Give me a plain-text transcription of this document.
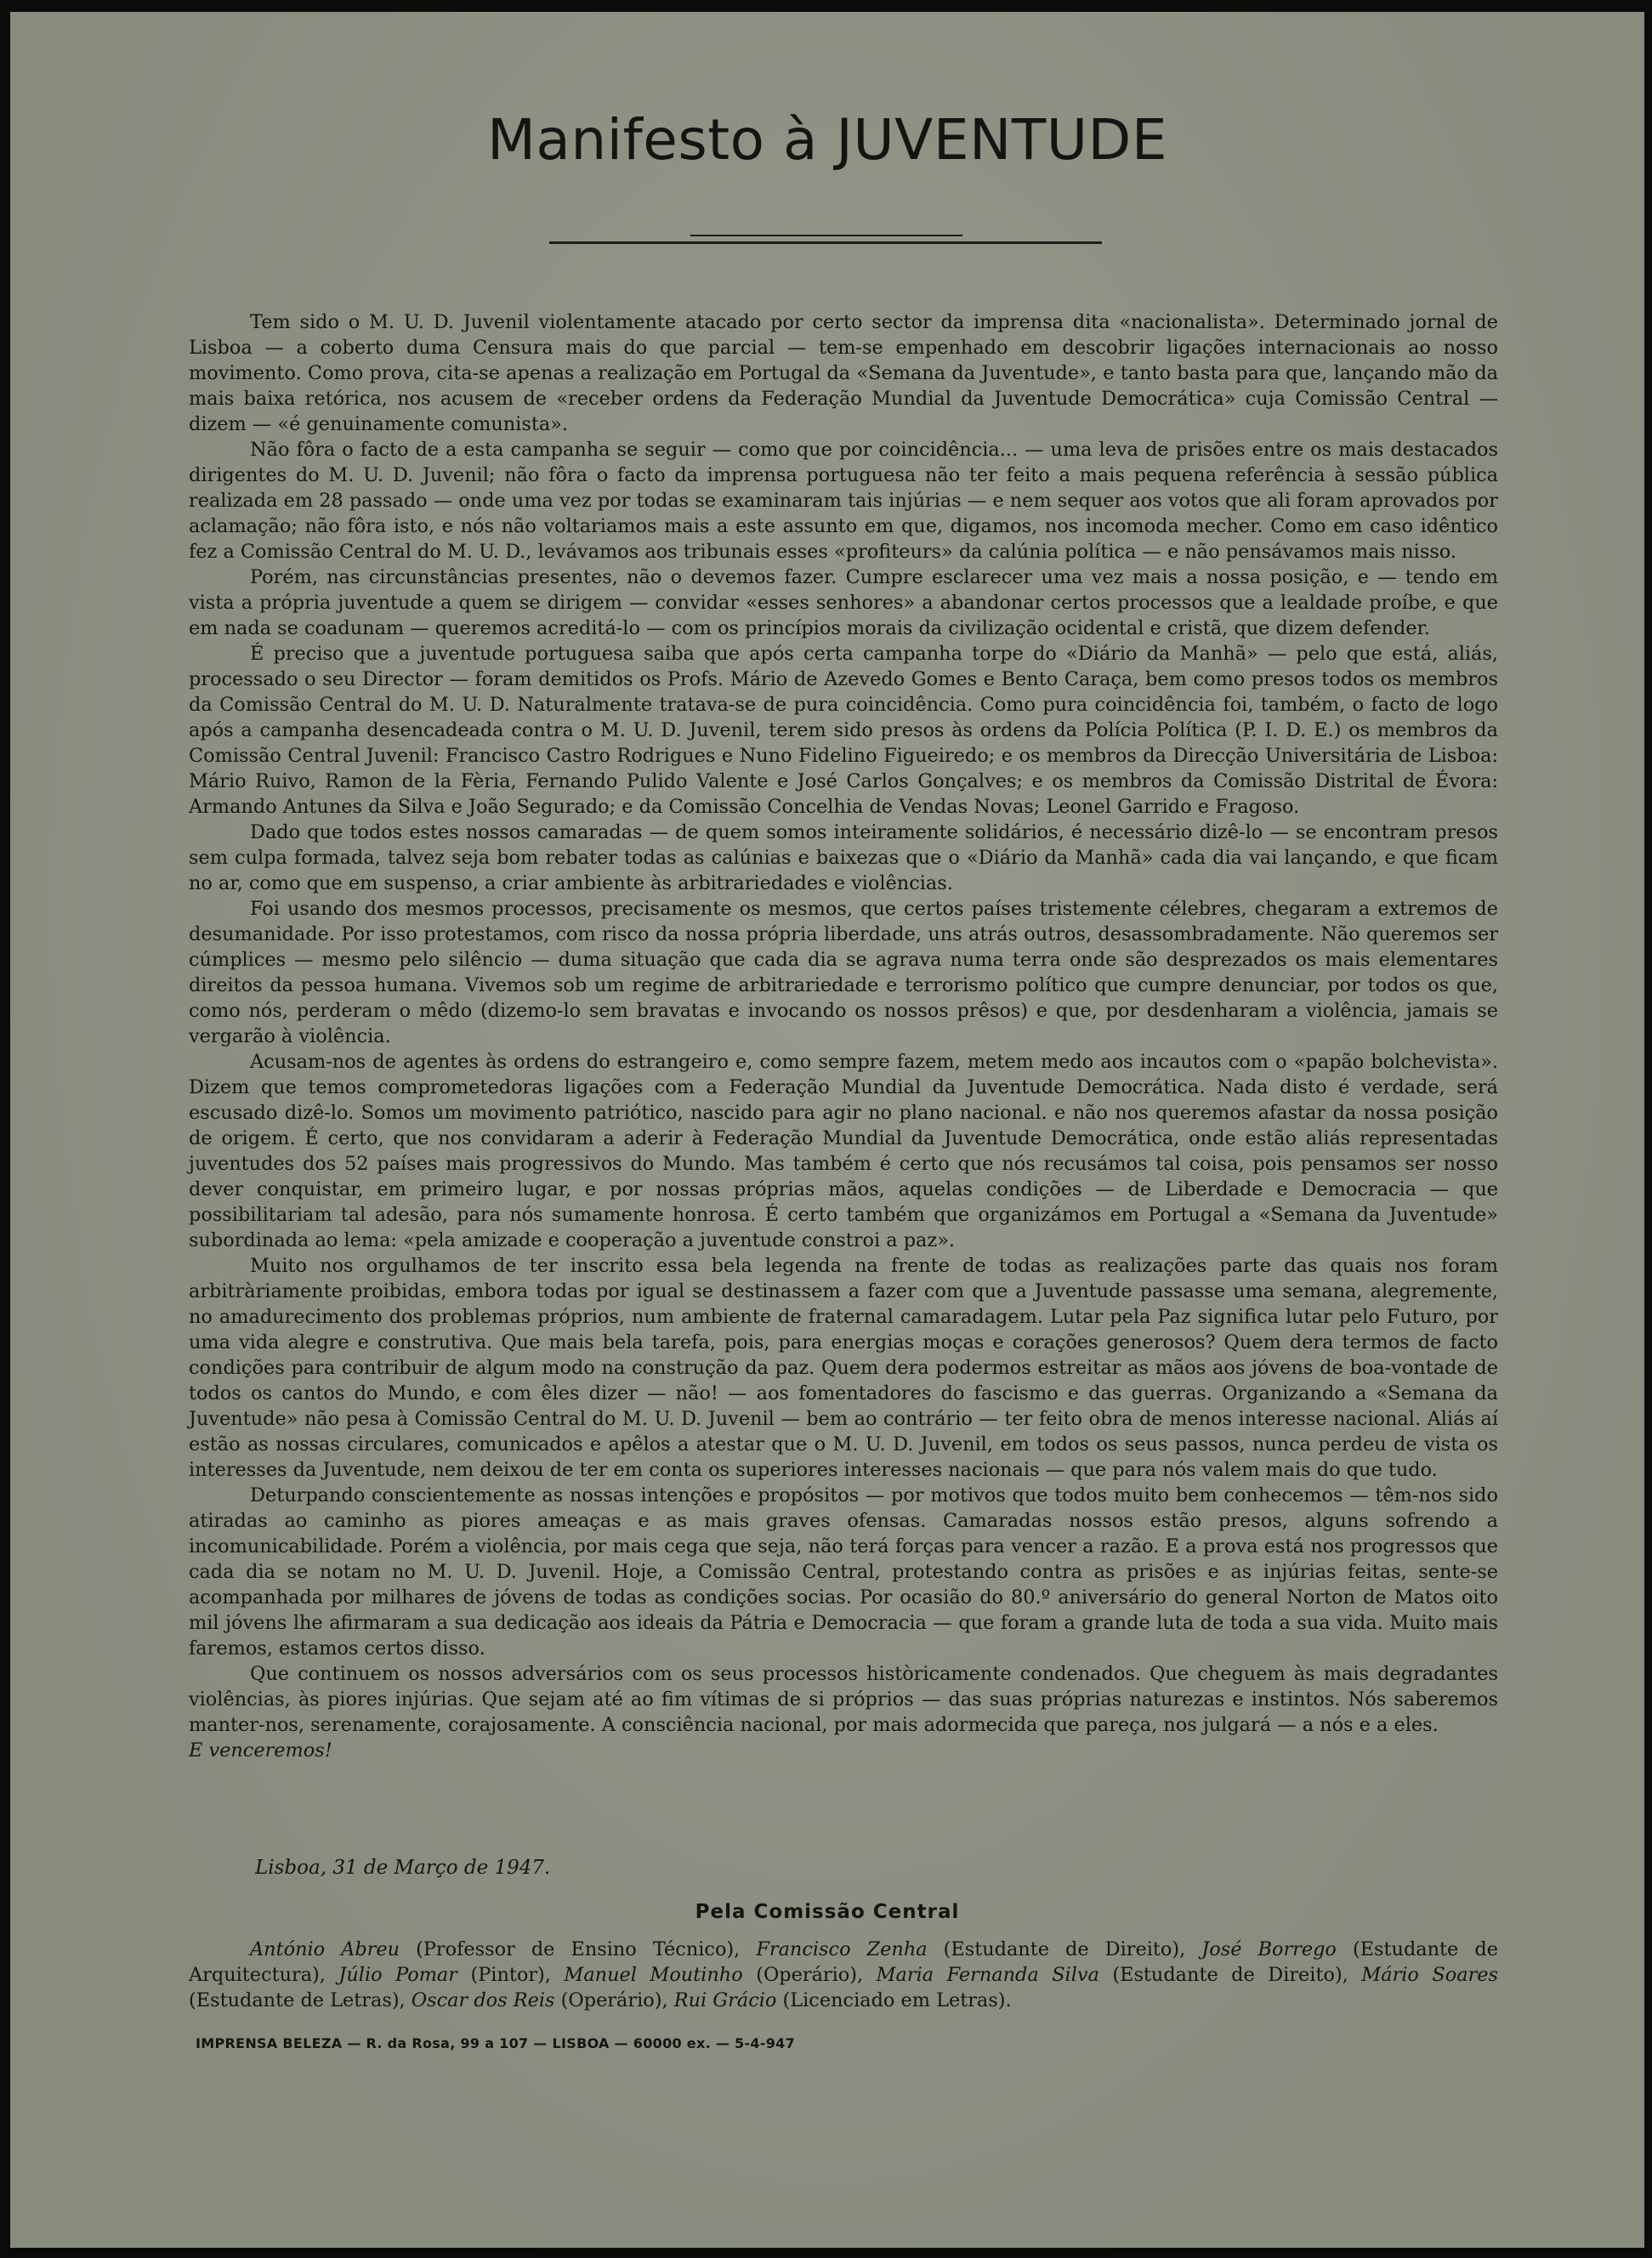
Manifesto à JUVENTUDE

Tem sido o M. U. D. Juvenil violentamente atacado por certo sector da imprensa dita «nacionalista». Determinado jornal de Lisboa — a coberto duma Censura mais do que parcial — tem-se empenhado em descobrir ligações internacionais ao nosso movimento. Como prova, cita-se apenas a realização em Portugal da «Semana da Juventude», e tanto basta para que, lançando mão da mais baixa retórica, nos acusem de «receber ordens da Federação Mundial da Juventude Democrática» cuja Comissão Central — dizem — «é genuinamente comunista».

Não fôra o facto de a esta campanha se seguir — como que por coincidência... — uma leva de prisões entre os mais destacados dirigentes do M. U. D. Juvenil; não fôra o facto da imprensa portuguesa não ter feito a mais pequena referência à sessão pública realizada em 28 passado — onde uma vez por todas se examinaram tais injúrias — e nem sequer aos votos que ali foram aprovados por aclamação; não fôra isto, e nós não voltariamos mais a este assunto em que, digamos, nos incomoda mecher. Como em caso idêntico fez a Comissão Central do M. U. D., levávamos aos tribunais esses «profiteurs» da calúnia política — e não pensávamos mais nisso.

Porém, nas circunstâncias presentes, não o devemos fazer. Cumpre esclarecer uma vez mais a nossa posição, e — tendo em vista a própria juventude a quem se dirigem — convidar «esses senhores» a abandonar certos processos que a lealdade proíbe, e que em nada se coadunam — queremos acreditá-lo — com os princípios morais da civilização ocidental e cristã, que dizem defender.

É preciso que a juventude portuguesa saiba que após certa campanha torpe do «Diário da Manhã» — pelo que está, aliás, processado o seu Director — foram demitidos os Profs. Mário de Azevedo Gomes e Bento Caraça, bem como presos todos os membros da Comissão Central do M. U. D. Naturalmente tratava-se de pura coincidência. Como pura coincidência foi, também, o facto de logo após a campanha desencadeada contra o M. U. D. Juvenil, terem sido presos às ordens da Polícia Política (P. I. D. E.) os membros da Comissão Central Juvenil: Francisco Castro Rodrigues e Nuno Fidelino Figueiredo; e os membros da Direcção Universitária de Lisboa: Mário Ruivo, Ramon de la Fèria, Fernando Pulido Valente e José Carlos Gonçalves; e os membros da Comissão Distrital de Évora: Armando Antunes da Silva e João Segurado; e da Comissão Concelhia de Vendas Novas; Leonel Garrido e Fragoso.

Dado que todos estes nossos camaradas — de quem somos inteiramente solidários, é necessário dizê-lo — se encontram presos sem culpa formada, talvez seja bom rebater todas as calúnias e baixezas que o «Diário da Manhã» cada dia vai lançando, e que ficam no ar, como que em suspenso, a criar ambiente às arbitrariedades e violências.

Foi usando dos mesmos processos, precisamente os mesmos, que certos países tristemente célebres, chegaram a extremos de desumanidade. Por isso protestamos, com risco da nossa própria liberdade, uns atrás outros, desassombradamente. Não queremos ser cúmplices — mesmo pelo silêncio — duma situação que cada dia se agrava numa terra onde são desprezados os mais elementares direitos da pessoa humana. Vivemos sob um regime de arbitrariedade e terrorismo político que cumpre denunciar, por todos os que, como nós, perderam o mêdo (dizemo-lo sem bravatas e invocando os nossos prêsos) e que, por desdenharam a violência, jamais se vergarão à violência.

Acusam-nos de agentes às ordens do estrangeiro e, como sempre fazem, metem medo aos incautos com o «papão bolchevista». Dizem que temos comprometedoras ligações com a Federação Mundial da Juventude Democrática. Nada disto é verdade, será escusado dizê-lo. Somos um movimento patriótico, nascido para agir no plano nacional. e não nos queremos afastar da nossa posição de origem. É certo, que nos convidaram a aderir à Federação Mundial da Juventude Democrática, onde estão aliás representadas juventudes dos 52 países mais progressivos do Mundo. Mas também é certo que nós recusámos tal coisa, pois pensamos ser nosso dever conquistar, em primeiro lugar, e por nossas próprias mãos, aquelas condições — de Liberdade e Democracia — que possibilitariam tal adesão, para nós sumamente honrosa. É certo também que organizámos em Portugal a «Semana da Juventude» subordinada ao lema: «pela amizade e cooperação a juventude constroi a paz».

Muito nos orgulhamos de ter inscrito essa bela legenda na frente de todas as realizações parte das quais nos foram arbitràriamente proibidas, embora todas por igual se destinassem a fazer com que a Juventude passasse uma semana, alegremente, no amadurecimento dos problemas próprios, num ambiente de fraternal camaradagem. Lutar pela Paz significa lutar pelo Futuro, por uma vida alegre e construtiva. Que mais bela tarefa, pois, para energias moças e corações generosos? Quem dera termos de facto condições para contribuir de algum modo na construção da paz. Quem dera podermos estreitar as mãos aos jóvens de boa-vontade de todos os cantos do Mundo, e com êles dizer — não! — aos fomentadores do fascismo e das guerras. Organizando a «Semana da Juventude» não pesa à Comissão Central do M. U. D. Juvenil — bem ao contrário — ter feito obra de menos interesse nacional. Aliás aí estão as nossas circulares, comunicados e apêlos a atestar que o M. U. D. Juvenil, em todos os seus passos, nunca perdeu de vista os interesses da Juventude, nem deixou de ter em conta os superiores interesses nacionais — que para nós valem mais do que tudo.

Deturpando conscientemente as nossas intenções e propósitos — por motivos que todos muito bem conhecemos — têm-nos sido atiradas ao caminho as piores ameaças e as mais graves ofensas. Camaradas nossos estão presos, alguns sofrendo a incomunicabilidade. Porém a violência, por mais cega que seja, não terá forças para vencer a razão. E a prova está nos progressos que cada dia se notam no M. U. D. Juvenil. Hoje, a Comissão Central, protestando contra as prisões e as injúrias feitas, sente-se acompanhada por milhares de jóvens de todas as condições socias. Por ocasião do 80.º aniversário do general Norton de Matos oito mil jóvens lhe afirmaram a sua dedicação aos ideais da Pátria e Democracia — que foram a grande luta de toda a sua vida. Muito mais faremos, estamos certos disso.

Que continuem os nossos adversários com os seus processos històricamente condenados. Que cheguem às mais degradantes violências, às piores injúrias. Que sejam até ao fim vítimas de si próprios — das suas próprias naturezas e instintos. Nós saberemos manter-nos, serenamente, corajosamente. A consciência nacional, por mais adormecida que pareça, nos julgará — a nós e a eles.

E venceremos!

Lisboa, 31 de Março de 1947.
Pela Comissão Central
António Abreu (Professor de Ensino Técnico), Francisco Zenha (Estudante de Direito), José Borrego (Estudante de Arquitectura), Júlio Pomar (Pintor), Manuel Moutinho (Operário), Maria Fernanda Silva (Estudante de Direito), Mário Soares (Estudante de Letras), Oscar dos Reis (Operário), Rui Grácio (Licenciado em Letras).
IMPRENSA BELEZA — R. da Rosa, 99 a 107 — LISBOA — 60000 ex. — 5-4-947
